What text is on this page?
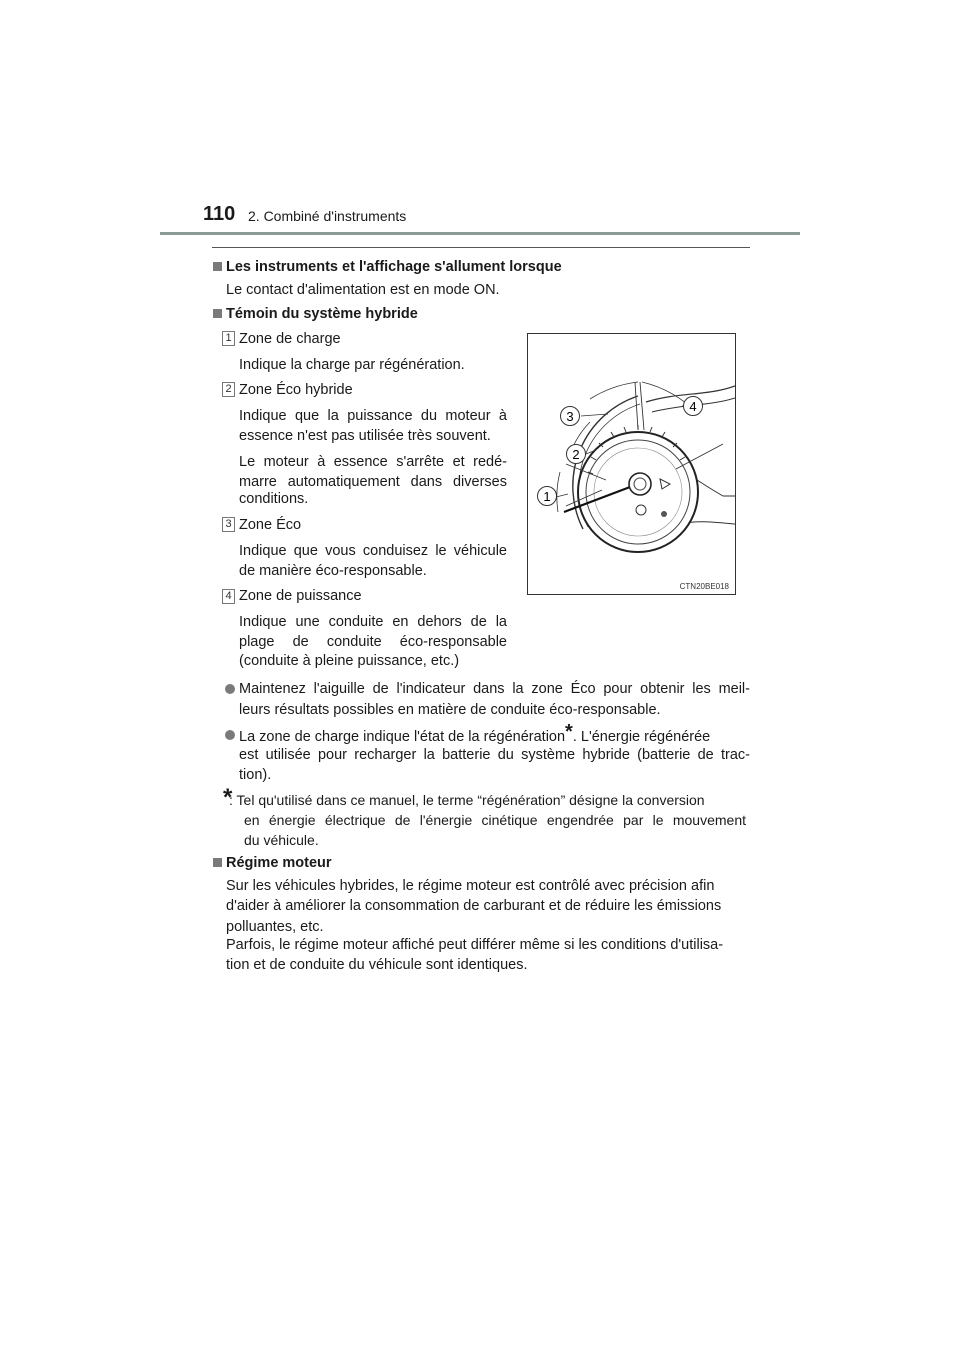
110 2. Combiné d'instruments
Les instruments et l'affichage s'allument lorsque
Le contact d'alimentation est en mode ON.
Témoin du système hybride
1 Zone de charge
Indique la charge par régénération.
2 Zone Éco hybride
Indique que la puissance du moteur à
essence n'est pas utilisée très souvent.
Le moteur à essence s'arrête et redé-
marre automatiquement dans diverses
conditions.
3 Zone Éco
Indique que vous conduisez le véhicule
de manière éco-responsable.
4 Zone de puissance
Indique une conduite en dehors de la
plage de conduite éco-responsable
(conduite à pleine puissance, etc.)
1
2
3
4
CTN20BE018
Maintenez l'aiguille de l'indicateur dans la zone Éco pour obtenir les meil-
leurs résultats possibles en matière de conduite éco-responsable.
La zone de charge indique l'état de la régénération*. L'énergie régénérée
est utilisée pour recharger la batterie du système hybride (batterie de trac-
tion).
*
: Tel qu'utilisé dans ce manuel, le terme “régénération” désigne la conversion
en énergie électrique de l'énergie cinétique engendrée par le mouvement
du véhicule.
Régime moteur
Sur les véhicules hybrides, le régime moteur est contrôlé avec précision afin
d'aider à améliorer la consommation de carburant et de réduire les émissions
polluantes, etc.
Parfois, le régime moteur affiché peut différer même si les conditions d'utilisa-
tion et de conduite du véhicule sont identiques.
